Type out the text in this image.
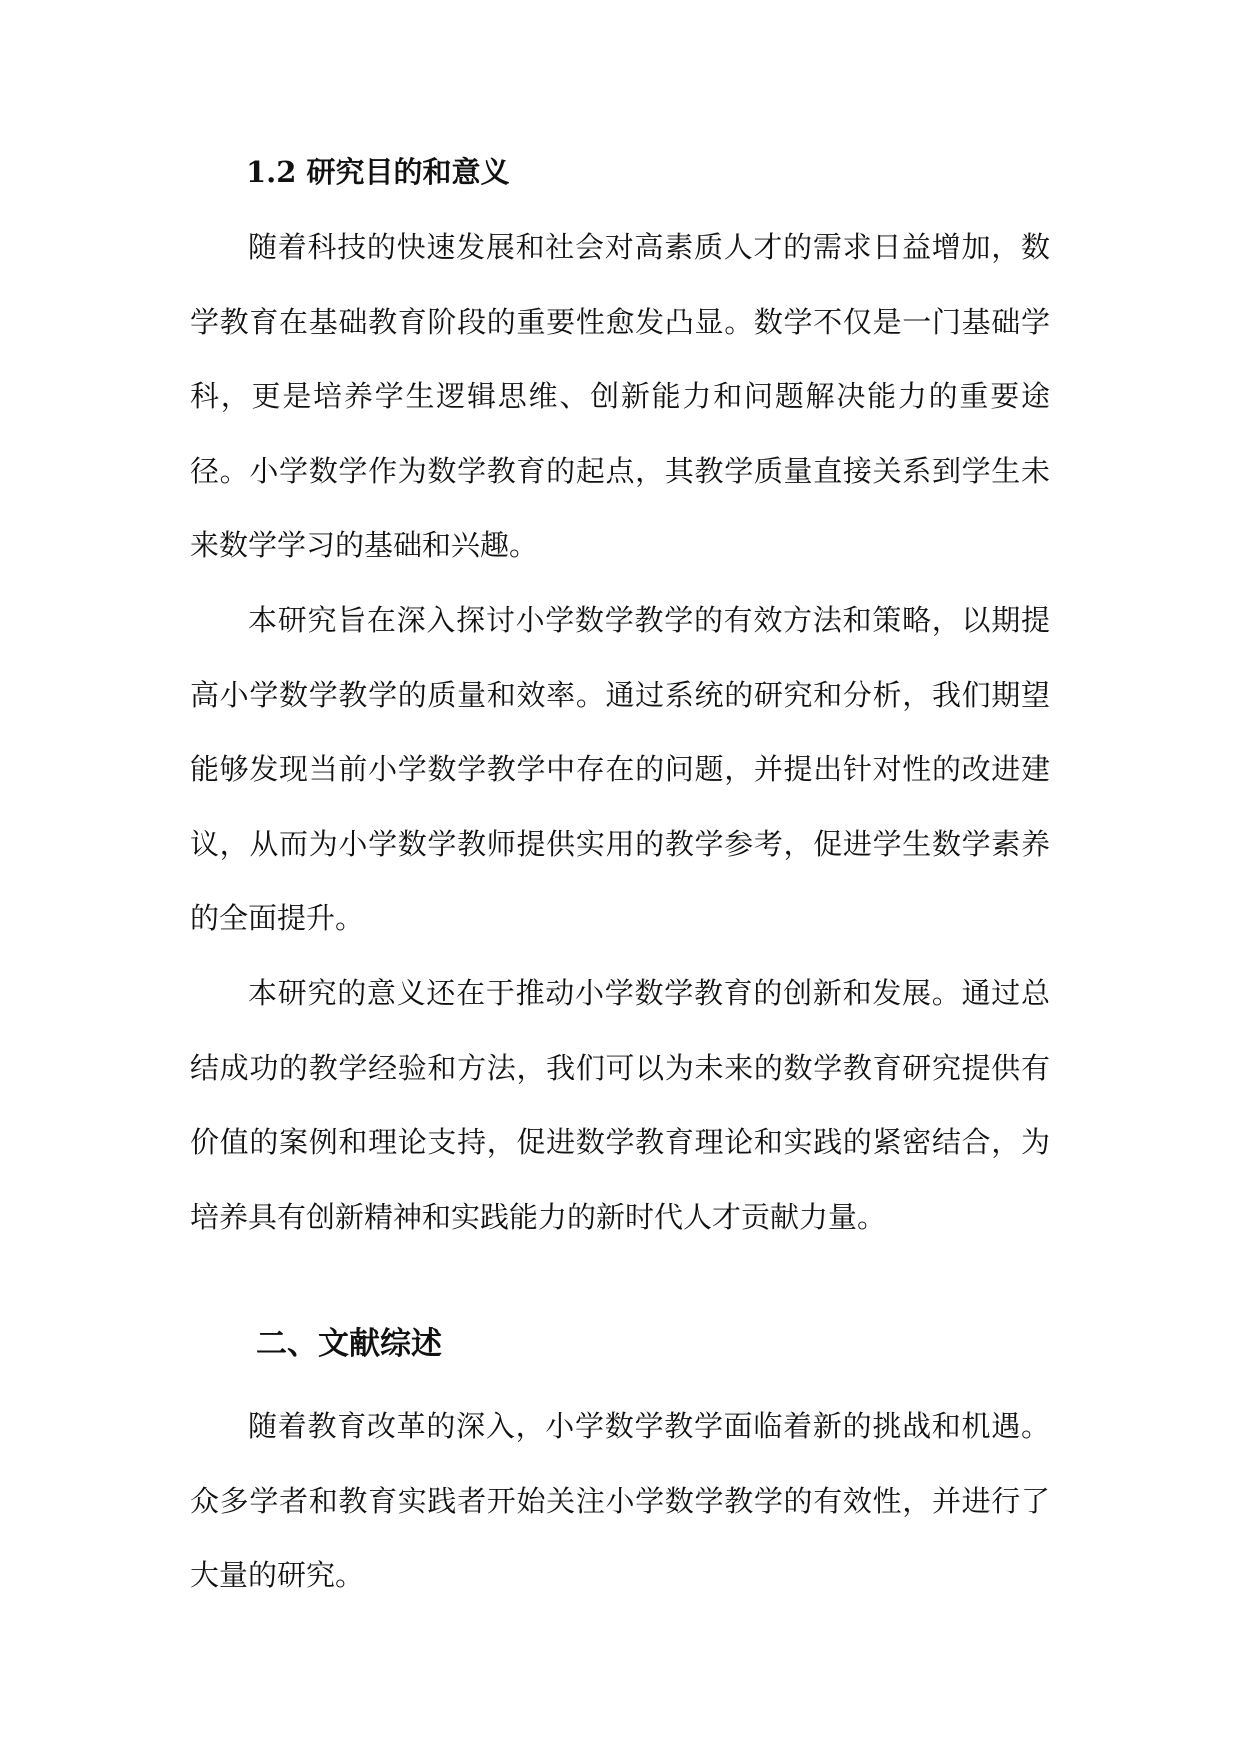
1.2 研究目的和意义

随着科技的快速发展和社会对高素质人才的需求日益增加，数学教育在基础教育阶段的重要性愈发凸显。数学不仅是一门基础学科，更是培养学生逻辑思维、创新能力和问题解决能力的重要途径。小学数学作为数学教育的起点，其教学质量直接关系到学生未来数学学习的基础和兴趣。

本研究旨在深入探讨小学数学教学的有效方法和策略，以期提高小学数学教学的质量和效率。通过系统的研究和分析，我们期望能够发现当前小学数学教学中存在的问题，并提出针对性的改进建议，从而为小学数学教师提供实用的教学参考，促进学生数学素养的全面提升。

本研究的意义还在于推动小学数学教育的创新和发展。通过总结成功的教学经验和方法，我们可以为未来的数学教育研究提供有价值的案例和理论支持，促进数学教育理论和实践的紧密结合，为培养具有创新精神和实践能力的新时代人才贡献力量。

二、文献综述

随着教育改革的深入，小学数学教学面临着新的挑战和机遇。众多学者和教育实践者开始关注小学数学教学的有效性，并进行了大量的研究。
